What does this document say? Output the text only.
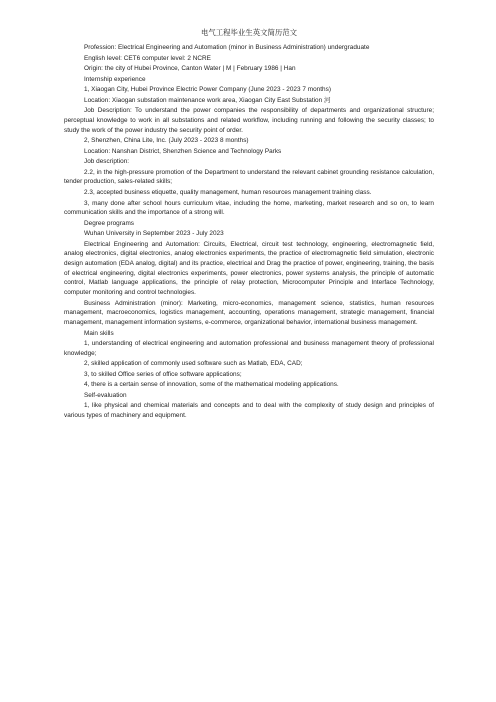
电气工程毕业生英文简历范文
Profession: Electrical Engineering and Automation (minor in Business Administration) undergraduate
English level: CET6 computer level: 2 NCRE
Origin: the city of Hubei Province, Canton Water | M | February 1986 | Han
Internship experience
1, Xiaogan City, Hubei Province Electric Power Company (June 2023 - 2023 7 months)
Location: Xiaogan substation maintenance work area, Xiaogan City East Substation 河
Job Description: To understand the power companies the responsibility of departments and organizational structure; perceptual knowledge to work in all substations and related workflow, including running and following the security classes; to study the work of the power industry the security point of order.
2, Shenzhen, China Lite, Inc. (July 2023 - 2023 8 months)
Location: Nanshan District, Shenzhen Science and Technology Parks
Job description:
2.2, in the high-pressure promotion of the Department to understand the relevant cabinet grounding resistance calculation, tender production, sales-related skills;
2.3, accepted business etiquette, quality management, human resources management training class.
3, many done after school hours curriculum vitae, including the home, marketing, market research and so on, to learn communication skills and the importance of a strong will.
Degree programs
Wuhan University in September 2023 - July 2023
Electrical Engineering and Automation: Circuits, Electrical, circuit test technology, engineering, electromagnetic field, analog electronics, digital electronics, analog electronics experiments, the practice of electromagnetic field simulation, electronic design automation (EDA analog, digital) and its practice, electrical and Drag the practice of power, engineering, training, the basis of electrical engineering, digital electronics experiments, power electronics, power systems analysis, the principle of automatic control, Matlab language applications, the principle of relay protection, Microcomputer Principle and Interface Technology, computer monitoring and control technologies.
Business Administration (minor): Marketing, micro-economics, management science, statistics, human resources management, macroeconomics, logistics management, accounting, operations management, strategic management, financial management, management information systems, e-commerce, organizational behavior, international business management.
Main skills
1, understanding of electrical engineering and automation professional and business management theory of professional knowledge;
2, skilled application of commonly used software such as Matlab, EDA, CAD;
3, to skilled Office series of office software applications;
4, there is a certain sense of innovation, some of the mathematical modeling applications.
Self-evaluation
1, like physical and chemical materials and concepts and to deal with the complexity of study design and principles of various types of machinery and equipment.
